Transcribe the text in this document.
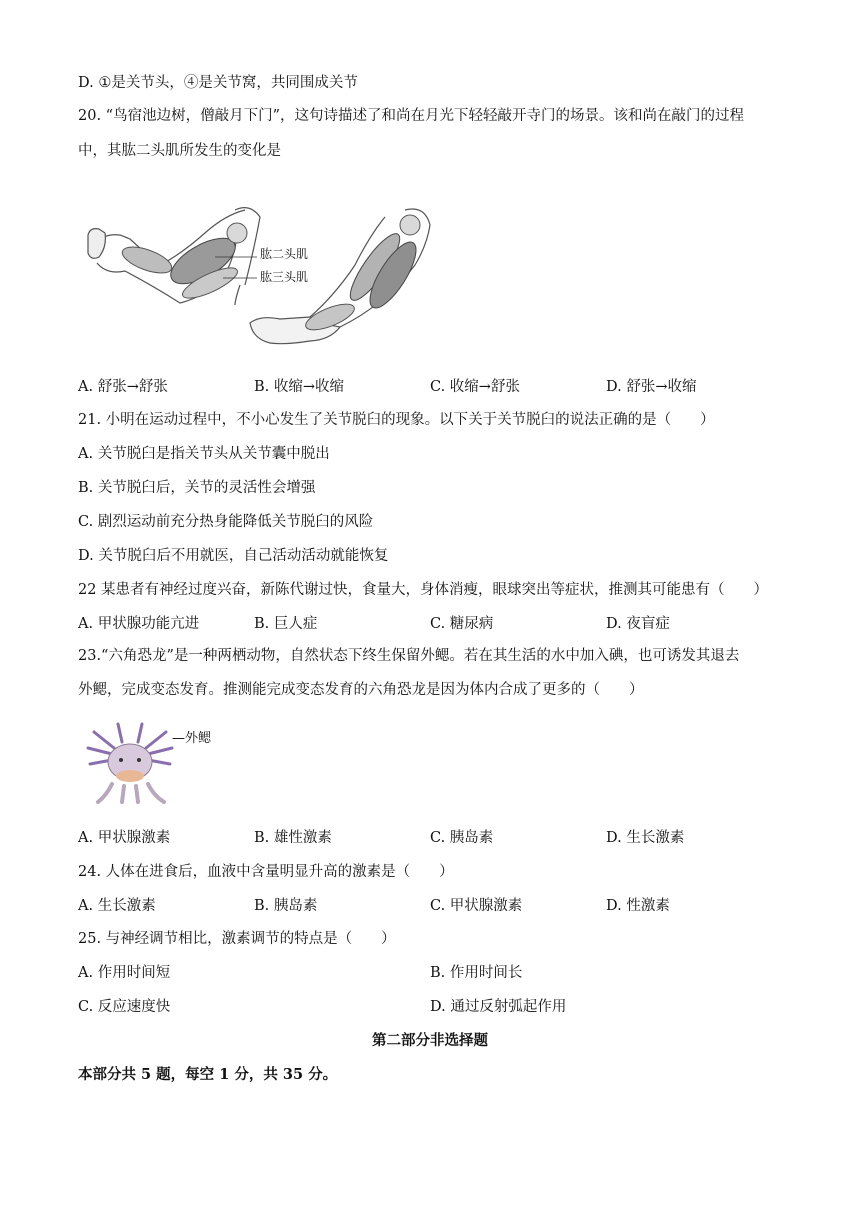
D. ①是关节头，④是关节窝，共同围成关节
20. “鸟宿池边树，僧敲月下门”，这句诗描述了和尚在月光下轻轻敲开寺门的场景。该和尚在敲门的过程
中，其肱二头肌所发生的变化是
肱二头肌
肱三头肌
A. 舒张→舒张	B. 收缩→收缩	C. 收缩→舒张	D. 舒张→收缩
21. 小明在运动过程中，不小心发生了关节脱臼的现象。以下关于关节脱臼的说法正确的是（　　）
A. 关节脱臼是指关节头从关节囊中脱出
B. 关节脱臼后，关节的灵活性会增强
C. 剧烈运动前充分热身能降低关节脱臼的风险
D. 关节脱臼后不用就医，自己活动活动就能恢复
22 某患者有神经过度兴奋，新陈代谢过快，食量大，身体消瘦，眼球突出等症状，推测其可能患有（　　）
A. 甲状腺功能亢进	B. 巨人症	C. 糖尿病	D. 夜盲症
23.“六角恐龙”是一种两栖动物，自然状态下终生保留外鳃。若在其生活的水中加入碘，也可诱发其退去
外鳃，完成变态发育。推测能完成变态发育的六角恐龙是因为体内合成了更多的（　　）
—外鳃
A. 甲状腺激素	B. 雄性激素	C. 胰岛素	D. 生长激素
24. 人体在进食后，血液中含量明显升高的激素是（　　）
A. 生长激素	B. 胰岛素	C. 甲状腺激素	D. 性激素
25. 与神经调节相比，激素调节的特点是（　　）
A. 作用时间短	B. 作用时间长
C. 反应速度快	D. 通过反射弧起作用
第二部分非选择题
本部分共 5 题，每空 1 分，共 35 分。
